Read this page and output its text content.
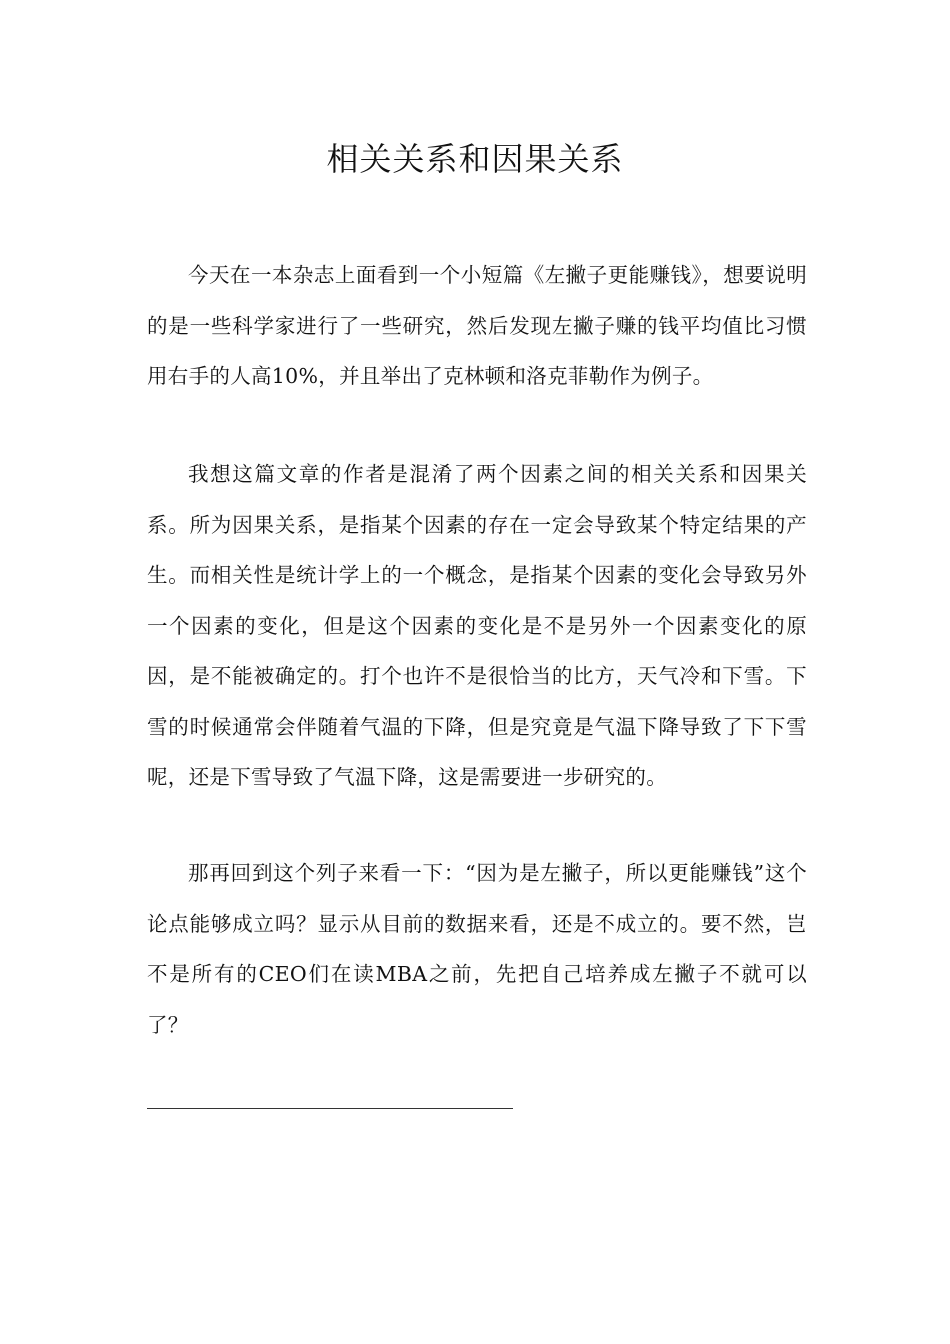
相关关系和因果关系

今天在一本杂志上面看到一个小短篇《左撇子更能赚钱》，想要说明的是一些科学家进行了一些研究，然后发现左撇子赚的钱平均值比习惯用右手的人高10%，并且举出了克林顿和洛克菲勒作为例子。

我想这篇文章的作者是混淆了两个因素之间的相关关系和因果关系。所为因果关系，是指某个因素的存在一定会导致某个特定结果的产生。而相关性是统计学上的一个概念，是指某个因素的变化会导致另外一个因素的变化，但是这个因素的变化是不是另外一个因素变化的原因，是不能被确定的。打个也许不是很恰当的比方，天气冷和下雪。下雪的时候通常会伴随着气温的下降，但是究竟是气温下降导致了下下雪呢，还是下雪导致了气温下降，这是需要进一步研究的。

那再回到这个列子来看一下：“因为是左撇子，所以更能赚钱”这个论点能够成立吗？显示从目前的数据来看，还是不成立的。要不然，岂不是所有的CEO们在读MBA之前，先把自己培养成左撇子不就可以了？
